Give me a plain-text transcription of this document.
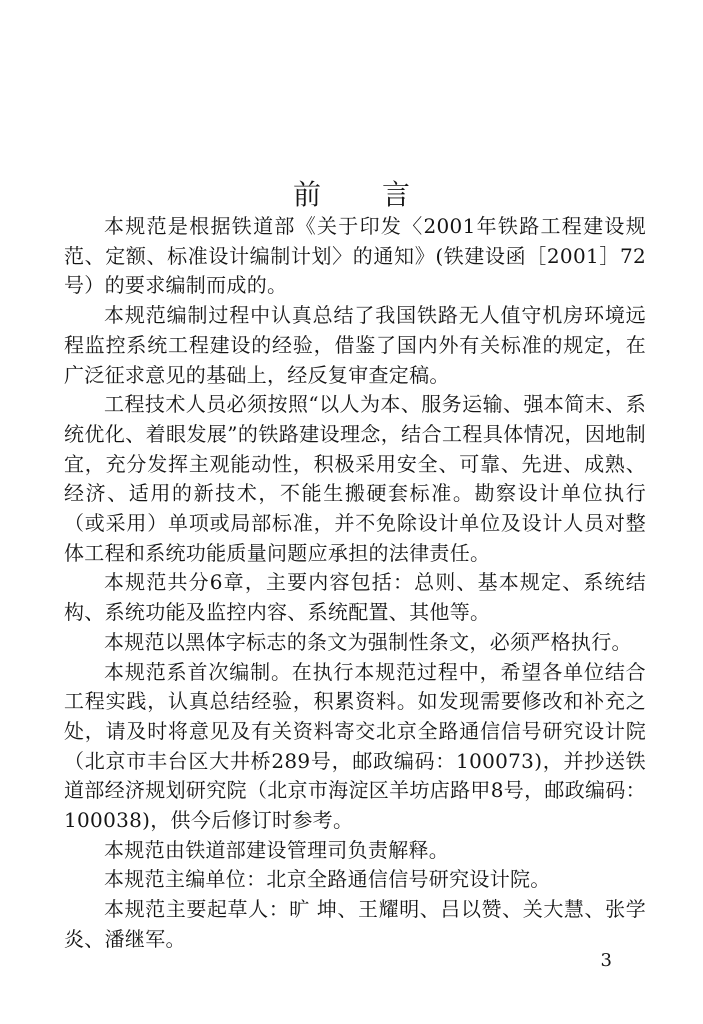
前 言

本规范是根据铁道部《关于印发〈2001年铁路工程建设规范、定额、标准设计编制计划〉的通知》(铁建设函［2001］72号）的要求编制而成的。

本规范编制过程中认真总结了我国铁路无人值守机房环境远程监控系统工程建设的经验，借鉴了国内外有关标准的规定，在广泛征求意见的基础上，经反复审查定稿。

工程技术人员必须按照“以人为本、服务运输、强本简末、系统优化、着眼发展”的铁路建设理念，结合工程具体情况，因地制宜，充分发挥主观能动性，积极采用安全、可靠、先进、成熟、经济、适用的新技术，不能生搬硬套标准。勘察设计单位执行（或采用）单项或局部标准，并不免除设计单位及设计人员对整体工程和系统功能质量问题应承担的法律责任。

本规范共分6章，主要内容包括：总则、基本规定、系统结构、系统功能及监控内容、系统配置、其他等。

本规范以黑体字标志的条文为强制性条文，必须严格执行。

本规范系首次编制。在执行本规范过程中，希望各单位结合工程实践，认真总结经验，积累资料。如发现需要修改和补充之处，请及时将意见及有关资料寄交北京全路通信信号研究设计院（北京市丰台区大井桥289号，邮政编码：100073)，并抄送铁道部经济规划研究院（北京市海淀区羊坊店路甲8号，邮政编码：100038)，供今后修订时参考。

本规范由铁道部建设管理司负责解释。

本规范主编单位：北京全路通信信号研究设计院。

本规范主要起草人：旷 坤、王耀明、吕以赞、关大慧、张学炎、潘继军。

3
